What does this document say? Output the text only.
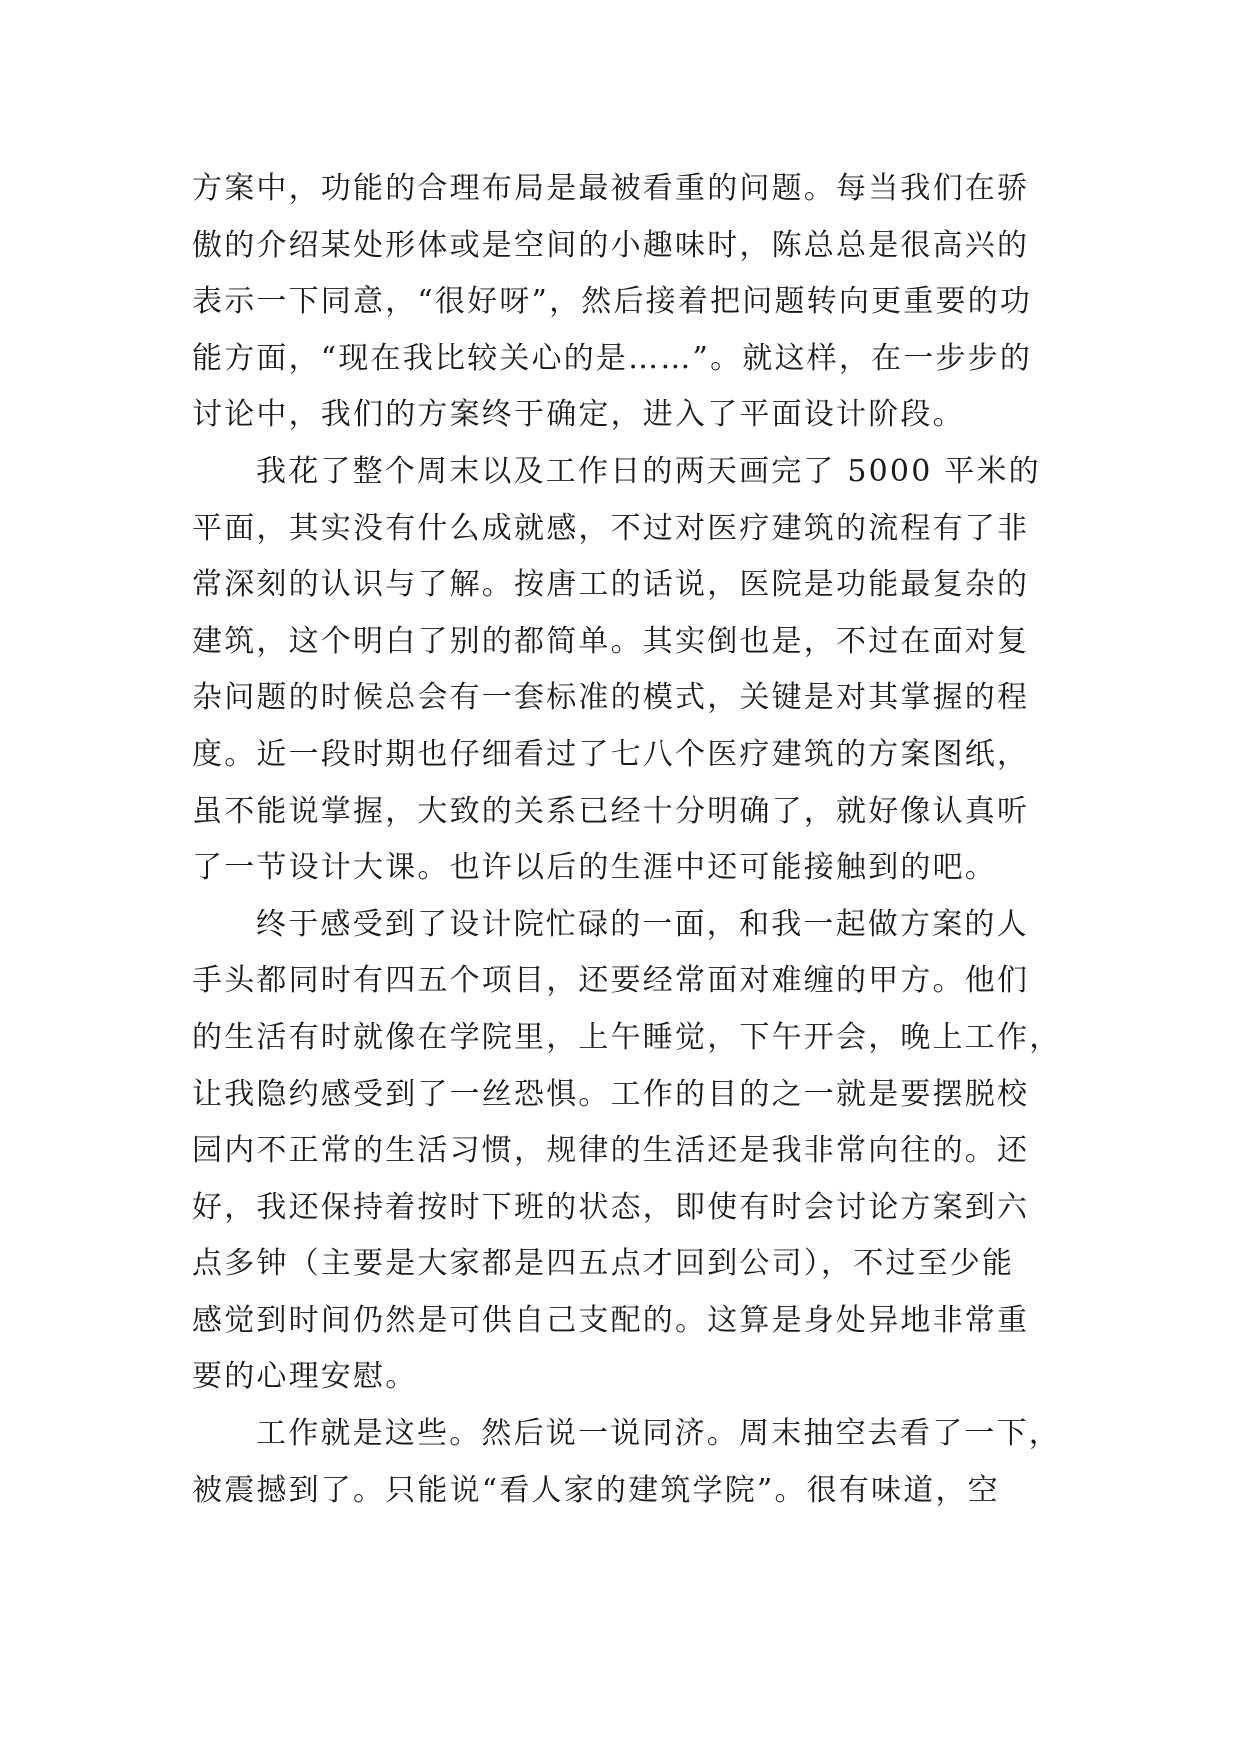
方案中，功能的合理布局是最被看重的问题。每当我们在骄
傲的介绍某处形体或是空间的小趣味时，陈总总是很高兴的
表示一下同意，“很好呀”，然后接着把问题转向更重要的功
能方面，“现在我比较关心的是……”。就这样，在一步步的
讨论中，我们的方案终于确定，进入了平面设计阶段。
我花了整个周末以及工作日的两天画完了 5000 平米的
平面，其实没有什么成就感，不过对医疗建筑的流程有了非
常深刻的认识与了解。按唐工的话说，医院是功能最复杂的
建筑，这个明白了别的都简单。其实倒也是，不过在面对复
杂问题的时候总会有一套标准的模式，关键是对其掌握的程
度。近一段时期也仔细看过了七八个医疗建筑的方案图纸，
虽不能说掌握，大致的关系已经十分明确了，就好像认真听
了一节设计大课。也许以后的生涯中还可能接触到的吧。
终于感受到了设计院忙碌的一面，和我一起做方案的人
手头都同时有四五个项目，还要经常面对难缠的甲方。他们
的生活有时就像在学院里，上午睡觉，下午开会，晚上工作，
让我隐约感受到了一丝恐惧。工作的目的之一就是要摆脱校
园内不正常的生活习惯，规律的生活还是我非常向往的。还
好，我还保持着按时下班的状态，即使有时会讨论方案到六
点多钟（主要是大家都是四五点才回到公司），不过至少能
感觉到时间仍然是可供自己支配的。这算是身处异地非常重
要的心理安慰。
工作就是这些。然后说一说同济。周末抽空去看了一下，
被震撼到了。只能说“看人家的建筑学院”。很有味道，空
